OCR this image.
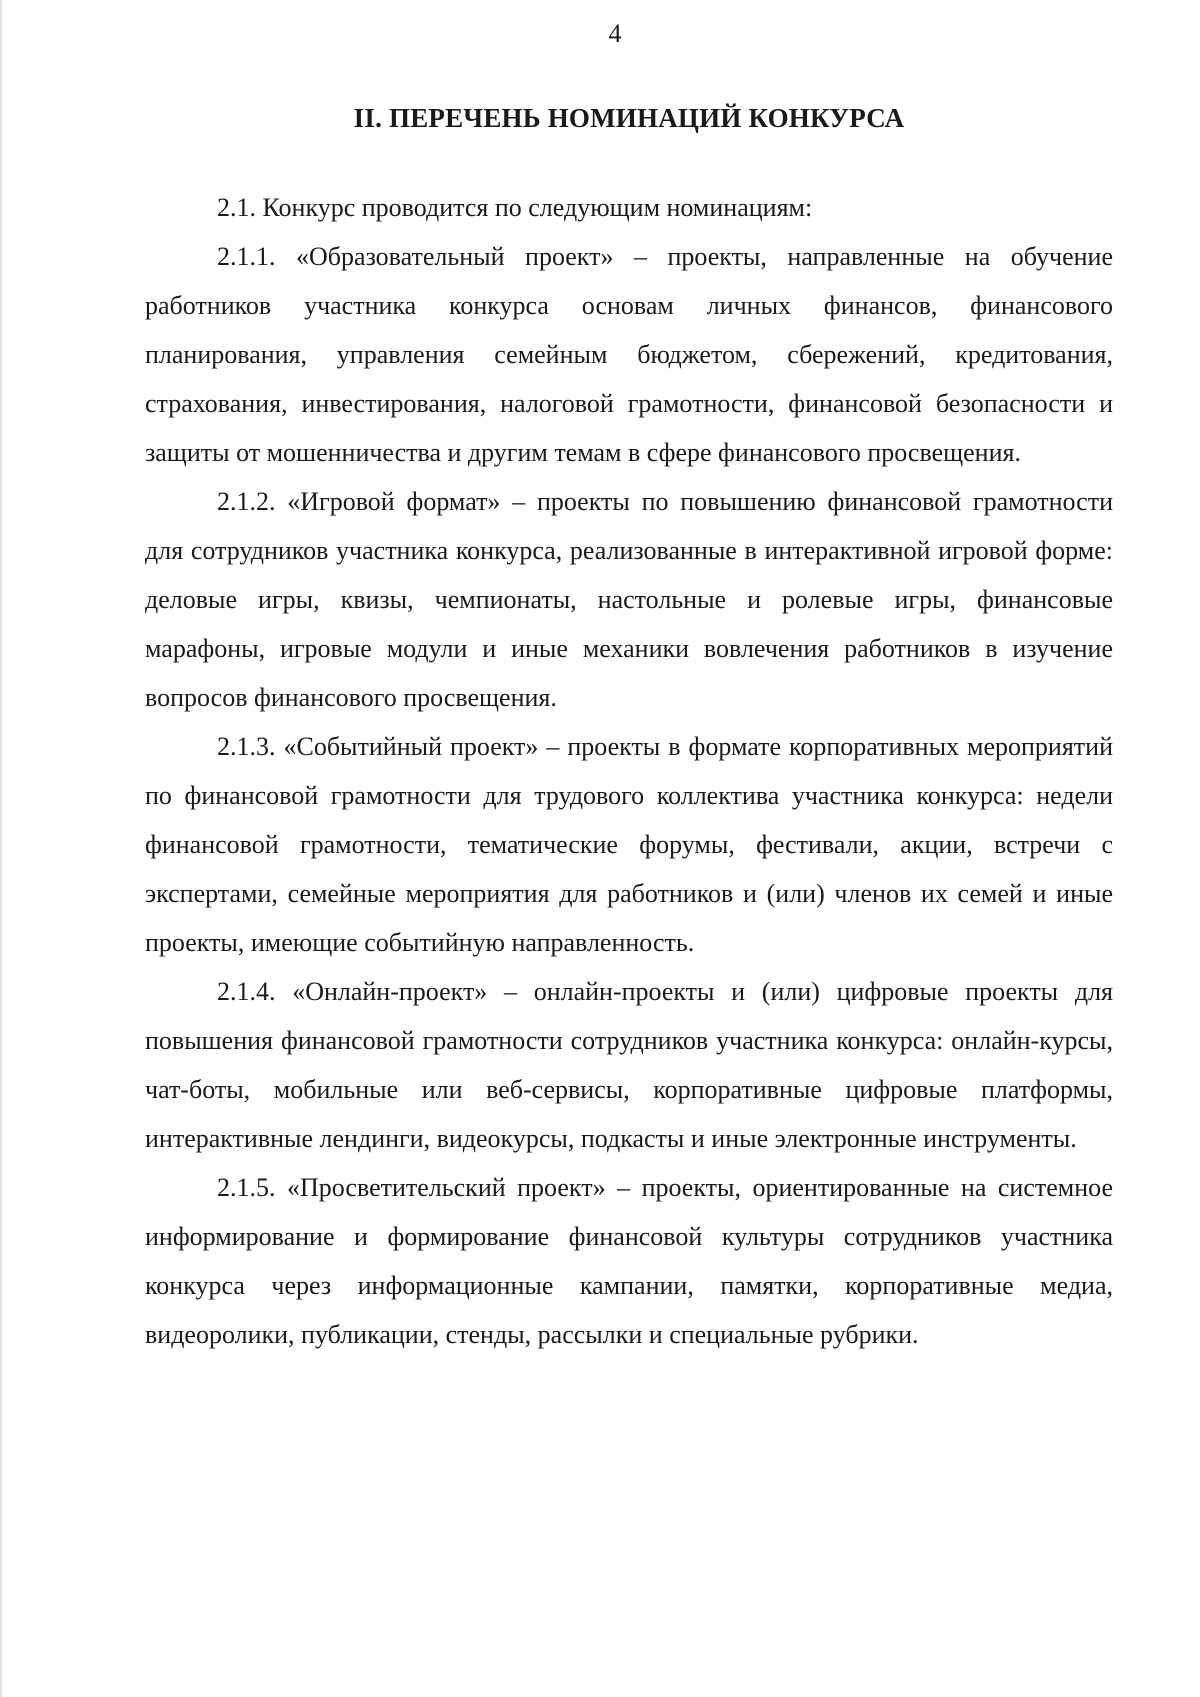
4
II. ПЕРЕЧЕНЬ НОМИНАЦИЙ КОНКУРСА

2.1. Конкурс проводится по следующим номинациям:

2.1.1. «Образовательный проект» – проекты, направленные на обучение работников участника конкурса основам личных финансов, финансового планирования, управления семейным бюджетом, сбережений, кредитования, страхования, инвестирования, налоговой грамотности, финансовой безопасности и защиты от мошенничества и другим темам в сфере финансового просвещения.

2.1.2. «Игровой формат» – проекты по повышению финансовой грамотности для сотрудников участника конкурса, реализованные в интерактивной игровой форме: деловые игры, квизы, чемпионаты, настольные и ролевые игры, финансовые марафоны, игровые модули и иные механики вовлечения работников в изучение вопросов финансового просвещения.

2.1.3. «Событийный проект» – проекты в формате корпоративных мероприятий по финансовой грамотности для трудового коллектива участника конкурса: недели финансовой грамотности, тематические форумы, фестивали, акции, встречи с экспертами, семейные мероприятия для работников и (или) членов их семей и иные проекты, имеющие событийную направленность.

2.1.4. «Онлайн-проект» – онлайн-проекты и (или) цифровые проекты для повышения финансовой грамотности сотрудников участника конкурса: онлайн-курсы, чат-боты, мобильные или веб-сервисы, корпоративные цифровые платформы, интерактивные лендинги, видеокурсы, подкасты и иные электронные инструменты.

2.1.5. «Просветительский проект» – проекты, ориентированные на системное информирование и формирование финансовой культуры сотрудников участника конкурса через информационные кампании, памятки, корпоративные медиа, видеоролики, публикации, стенды, рассылки и специальные рубрики.
